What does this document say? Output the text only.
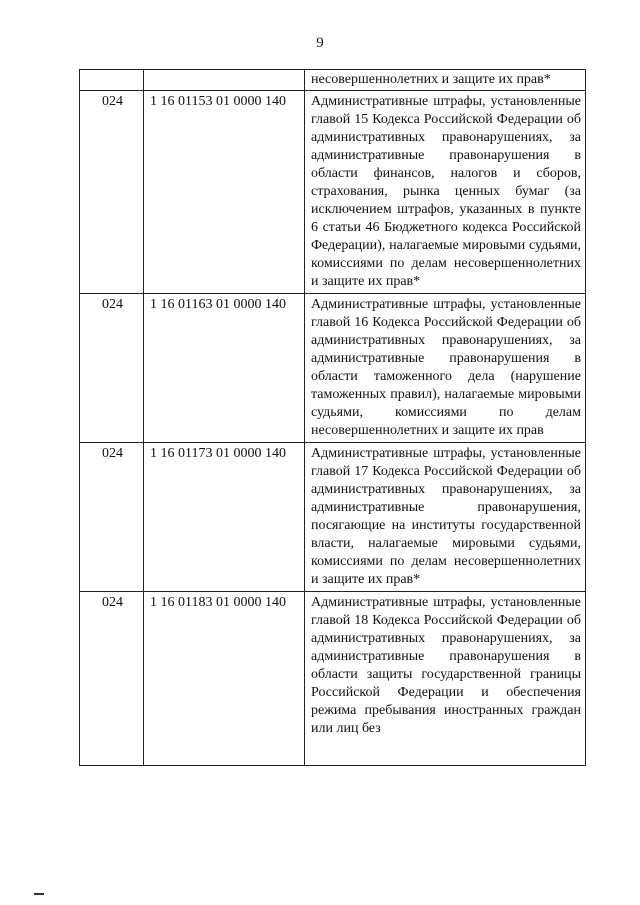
9
		несовершеннолетних и защите их прав*
024	1 16 01153 01 0000 140	Административные штрафы, установленные главой 15 Кодекса Российской Федерации об административных правонарушениях, за административные правонарушения в области финансов, налогов и сборов, страхования, рынка ценных бумаг (за исключением штрафов, указанных в пункте 6 статьи 46 Бюджетного кодекса Российской Федерации), налагаемые мировыми судьями, комиссиями по делам несовершеннолетних и защите их прав*

024	1 16 01163 01 0000 140	Административные штрафы, установленные главой 16 Кодекса Российской Федерации об административных правонарушениях, за административные правонарушения в области таможенного дела (нарушение таможенных правил), налагаемые мировыми судьями, комиссиями по делам несовершеннолетних и защите их прав

024	1 16 01173 01 0000 140	Административные штрафы, установленные главой 17 Кодекса Российской Федерации об административных правонарушениях, за административные правонарушения, посягающие на институты государственной власти, налагаемые мировыми судьями, комиссиями по делам несовершеннолетних и защите их прав*

024	1 16 01183 01 0000 140	Административные штрафы, установленные главой 18 Кодекса Российской Федерации об административных правонарушениях, за административные правонарушения в области защиты государственной границы Российской Федерации и обеспечения режима пребывания иностранных граждан или лиц без
